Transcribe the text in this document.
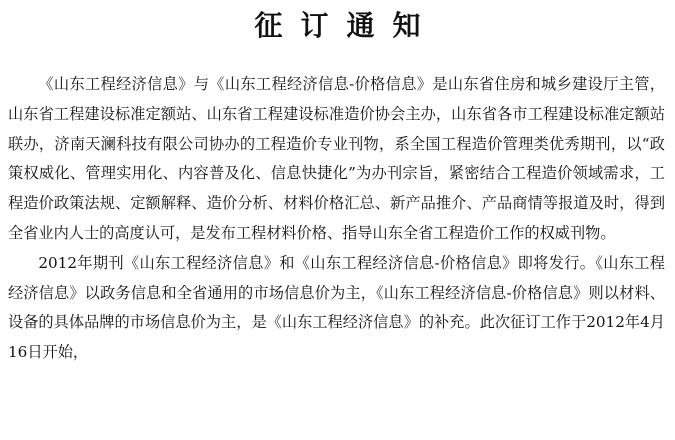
征订通知

《山东工程经济信息》与《山东工程经济信息-价格信息》是山东省住房和城乡建设厅主管，山东省工程建设标准定额站、山东省工程建设标准造价协会主办，山东省各市工程建设标准定额站联办，济南天澜科技有限公司协办的工程造价专业刊物，系全国工程造价管理类优秀期刊，以“政策权威化、管理实用化、内容普及化、信息快捷化”为办刊宗旨，紧密结合工程造价领域需求，工程造价政策法规、定额解释、造价分析、材料价格汇总、新产品推介、产品商情等报道及时，得到全省业内人士的高度认可，是发布工程材料价格、指导山东全省工程造价工作的权威刊物。

2012年期刊《山东工程经济信息》和《山东工程经济信息-价格信息》即将发行。《山东工程经济信息》以政务信息和全省通用的市场信息价为主，《山东工程经济信息-价格信息》则以材料、设备的具体品牌的市场信息价为主，是《山东工程经济信息》的补充。此次征订工作于2012年4月16日开始，
